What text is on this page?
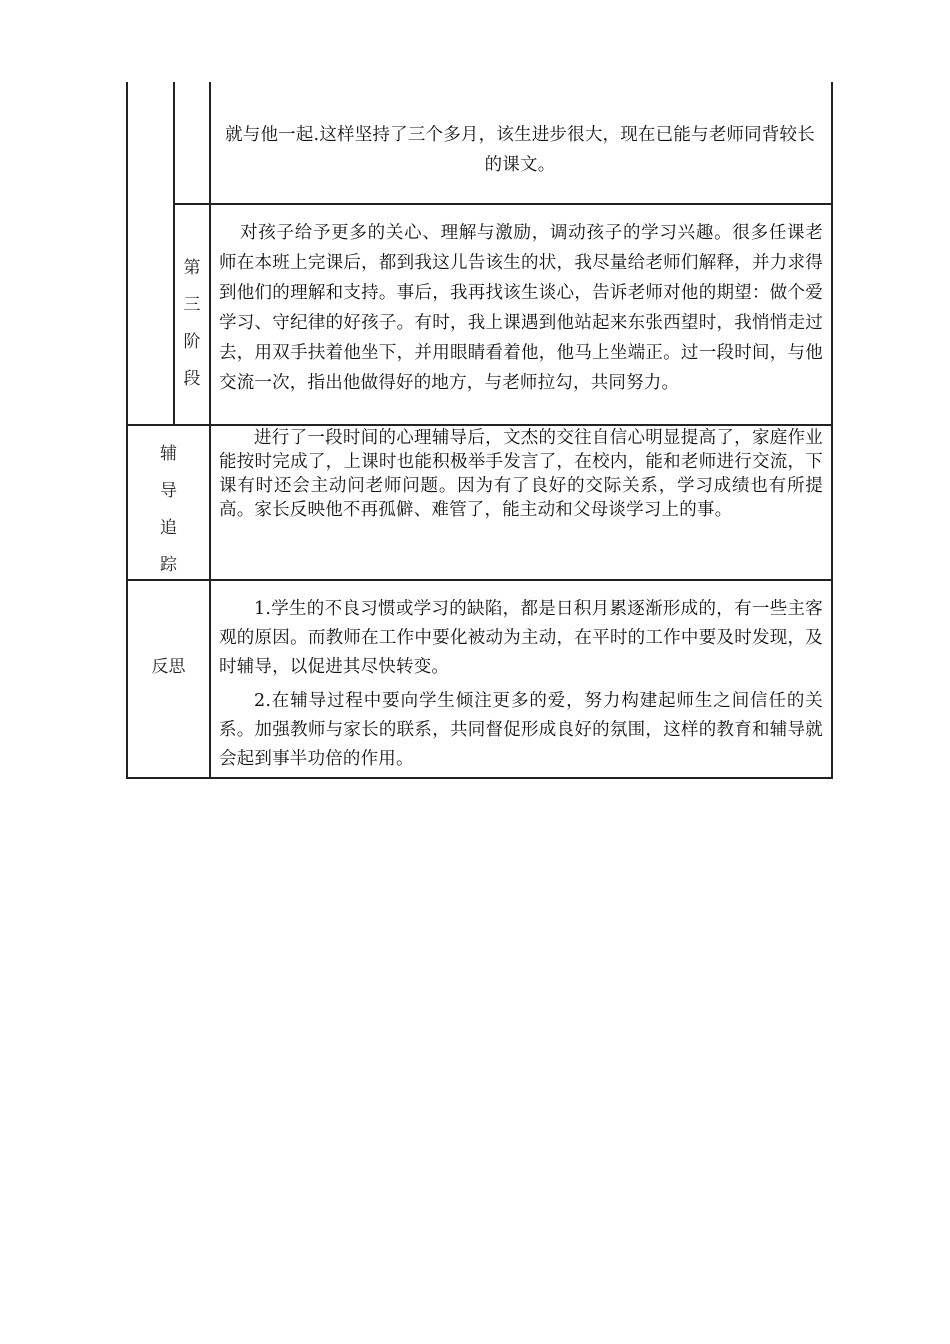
就与他一起.这样坚持了三个多月，该生进步很大，现在已能与老师同背较长的课文。

第
三
阶
段

对孩子给予更多的关心、理解与激励，调动孩子的学习兴趣。很多任课老师在本班上完课后，都到我这儿告该生的状，我尽量给老师们解释，并力求得到他们的理解和支持。事后，我再找该生谈心，告诉老师对他的期望：做个爱学习、守纪律的好孩子。有时，我上课遇到他站起来东张西望时，我悄悄走过去，用双手扶着他坐下，并用眼睛看着他，他马上坐端正。过一段时间，与他交流一次，指出他做得好的地方，与老师拉勾，共同努力。

辅
导
追
踪

进行了一段时间的心理辅导后，文杰的交往自信心明显提高了，家庭作业能按时完成了，上课时也能积极举手发言了，在校内，能和老师进行交流，下课有时还会主动问老师问题。因为有了良好的交际关系，学习成绩也有所提高。家长反映他不再孤僻、难管了，能主动和父母谈学习上的事。

反思

1.学生的不良习惯或学习的缺陷，都是日积月累逐渐形成的，有一些主客观的原因。而教师在工作中要化被动为主动，在平时的工作中要及时发现，及时辅导，以促进其尽快转变。

2.在辅导过程中要向学生倾注更多的爱，努力构建起师生之间信任的关系。加强教师与家长的联系，共同督促形成良好的氛围，这样的教育和辅导就会起到事半功倍的作用。
